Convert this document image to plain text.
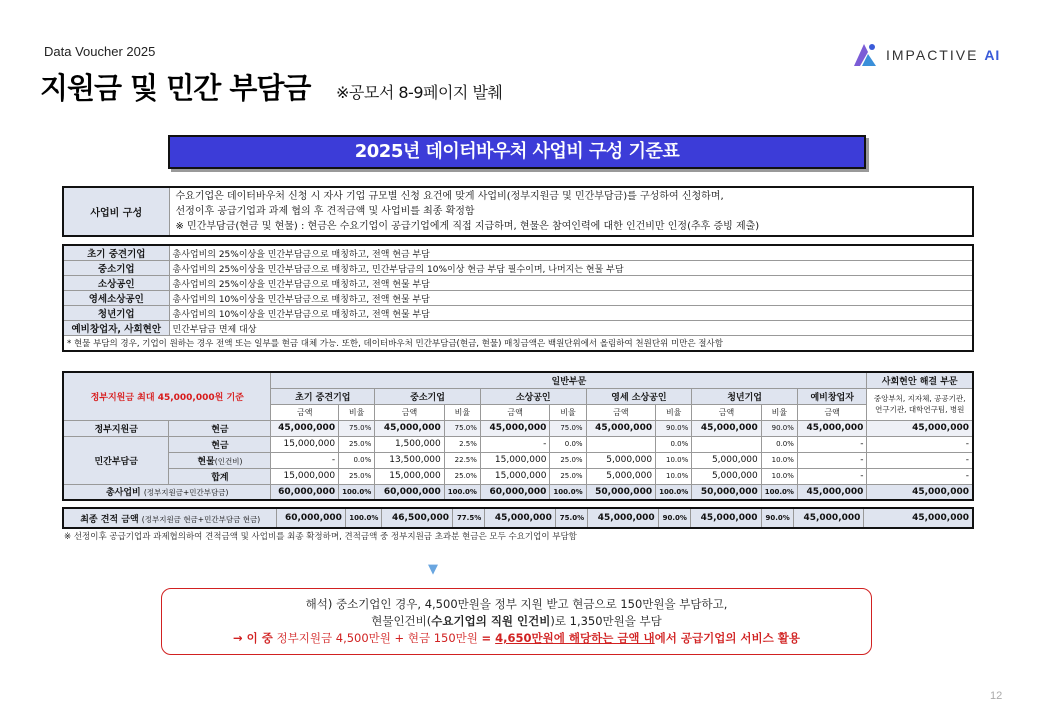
Data Voucher 2025
지원금 및 민간 부담금 ※공모서 8-9페이지 발췌
IMPACTIVE AI
2025년 데이터바우처 사업비 구성 기준표
사업비 구성	
수요기업은 데이터바우처 신청 시 자사 기업 규모별 신청 요건에 맞게 사업비(정부지원금 및 민간부담금)를 구성하여 신청하며,
선정이후 공급기업과 과제 협의 후 견적금액 및 사업비를 최종 확정함
※ 민간부담금(현금 및 현물) : 현금은 수요기업이 공급기업에게 직접 지급하며, 현물은 참여인력에 대한 인건비만 인정(추후 증빙 제출)
초기 중견기업	총사업비의 25%이상을 민간부담금으로 매칭하고, 전액 현금 부담
중소기업	총사업비의 25%이상을 민간부담금으로 매칭하고, 민간부담금의 10%이상 현금 부담 필수이며, 나머지는 현물 부담
소상공인	총사업비의 25%이상을 민간부담금으로 매칭하고, 전액 현물 부담
영세소상공인	총사업비의 10%이상을 민간부담금으로 매칭하고, 전액 현물 부담
청년기업	총사업비의 10%이상을 민간부담금으로 매칭하고, 전액 현물 부담
예비창업자, 사회현안	민간부담금 면제 대상
* 현물 부담의 경우, 기업이 원하는 경우 전액 또는 일부를 현금 대체 가능. 또한, 데이터바우처 민간부담금(현금, 현물) 매칭금액은 백원단위에서 올림하여 천원단위 미만은 절사함	
정부지원금 최대 45,000,000원 기준		일반부문											사회현안 해결 부문
		초기 중견기업		중소기업		소상공인		영세 소상공인		청년기업		예비창업자	중앙부처, 지자체, 공공기관, 연구기관, 대학연구팀, 병원
		금액	비율	금액	비율	금액	비율	금액	비율	금액	비율	금액	
정부지원금	현금	45,000,000	75.0%	45,000,000	75.0%	45,000,000	75.0%	45,000,000	90.0%	45,000,000	90.0%	45,000,000	45,000,000
민간부담금	현금	15,000,000	25.0%	1,500,000	2.5%	-	0.0%		0.0%		0.0%	-	-
	현물(인건비)	-	0.0%	13,500,000	22.5%	15,000,000	25.0%	5,000,000	10.0%	5,000,000	10.0%	-	-
	합계	15,000,000	25.0%	15,000,000	25.0%	15,000,000	25.0%	5,000,000	10.0%	5,000,000	10.0%	-	-
총사업비 (정부지원금+민간부담금)		60,000,000	100.0%	60,000,000	100.0%	60,000,000	100.0%	50,000,000	100.0%	50,000,000	100.0%	45,000,000	45,000,000
최종 견적 금액 (정부지원금 현금+민간부담금 현금)	60,000,000	100.0%	46,500,000	77.5%	45,000,000	75.0%	45,000,000	90.0%	45,000,000	90.0%	45,000,000	45,000,000
※ 선정이후 공급기업과 과제협의하여 견적금액 및 사업비를 최종 확정하며, 견적금액 중 정부지원금 초과분 현금은 모두 수요기업이 부담함
▼
해석) 중소기업인 경우, 4,500만원을 정부 지원 받고 현금으로 150만원을 부담하고,
현물인건비(수요기업의 직원 인건비)로 1,350만원을 부담
→ 이 중 정부지원금 4,500만원 + 현금 150만원 = 4,650만원에 해당하는 금액 내에서 공급기업의 서비스 활용
12
